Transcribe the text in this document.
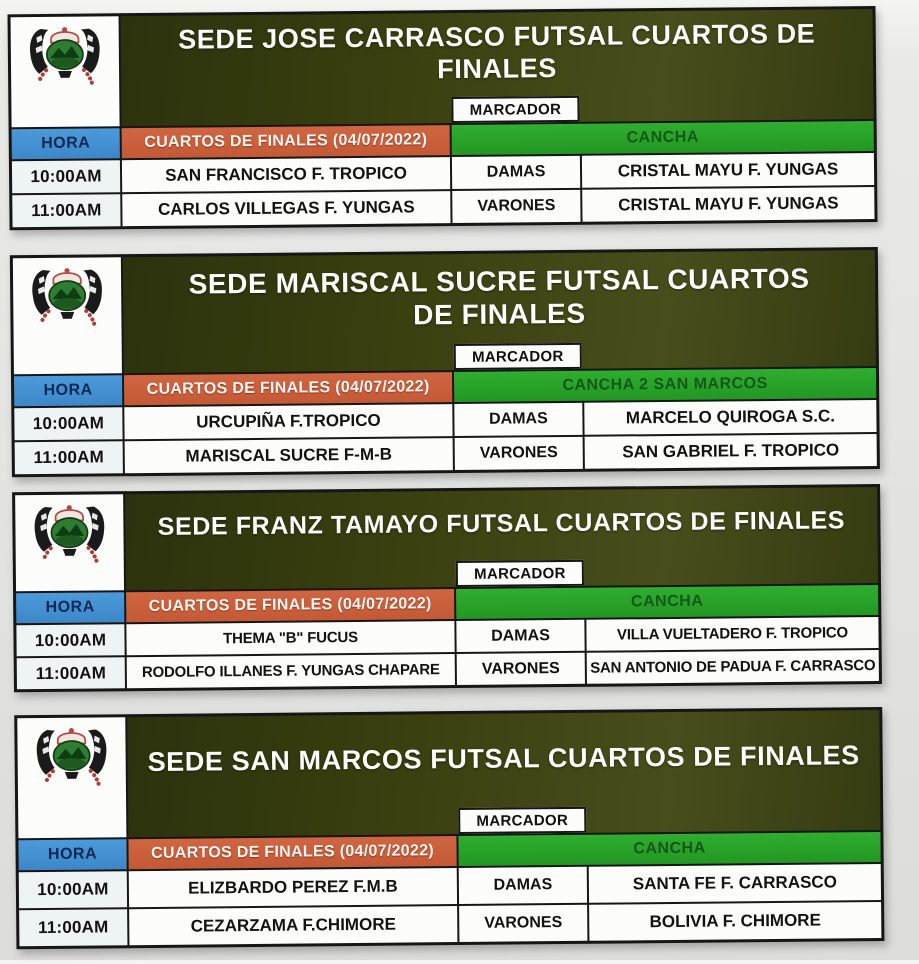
SEDE JOSE CARRASCO FUTSAL CUARTOS DE FINALES
MARCADOR
HORA	CUARTOS DE FINALES (04/07/2022)	CANCHA
10:00AM	SAN FRANCISCO F. TROPICO	DAMAS	CRISTAL MAYU F. YUNGAS
11:00AM	CARLOS VILLEGAS F. YUNGAS	VARONES	CRISTAL MAYU F. YUNGAS
SEDE MARISCAL SUCRE FUTSAL CUARTOS DE FINALES
MARCADOR
HORA	CUARTOS DE FINALES (04/07/2022)	CANCHA 2 SAN MARCOS
10:00AM	URCUPIÑA F.TROPICO	DAMAS	MARCELO QUIROGA S.C.
11:00AM	MARISCAL SUCRE F-M-B	VARONES	SAN GABRIEL F. TROPICO
SEDE FRANZ TAMAYO FUTSAL CUARTOS DE FINALES
MARCADOR
HORA	CUARTOS DE FINALES (04/07/2022)	CANCHA
10:00AM	THEMA "B" FUCUS	DAMAS	VILLA VUELTADERO F. TROPICO
11:00AM	RODOLFO ILLANES F. YUNGAS CHAPARE	VARONES	SAN ANTONIO DE PADUA F. CARRASCO
SEDE SAN MARCOS FUTSAL CUARTOS DE FINALES
MARCADOR
HORA	CUARTOS DE FINALES (04/07/2022)	CANCHA
10:00AM	ELIZBARDO PEREZ F.M.B	DAMAS	SANTA FE F. CARRASCO
11:00AM	CEZARZAMA F.CHIMORE	VARONES	BOLIVIA F. CHIMORE
